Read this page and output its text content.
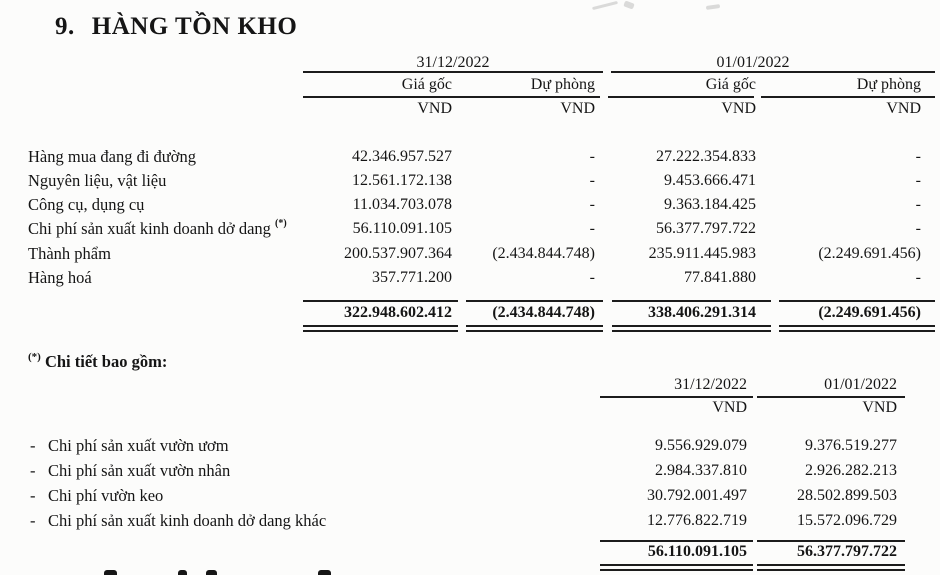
9. HÀNG TỒN KHO
31/12/2022	01/01/2022
Giá gốc	Dự phòng	Giá gốc	Dự phòng
VND	VND	VND	VND
Hàng mua đang đi đường	42.346.957.527	-	27.222.354.833	-
Nguyên liệu, vật liệu	12.561.172.138	-	9.453.666.471	-
Công cụ, dụng cụ	11.034.703.078	-	9.363.184.425	-
Chi phí sản xuất kinh doanh dở dang (*)	56.110.091.105	-	56.377.797.722	-
Thành phẩm	200.537.907.364	(2.434.844.748)	235.911.445.983	(2.249.691.456)
Hàng hoá	357.771.200	-	77.841.880	-
322.948.602.412	(2.434.844.748)	338.406.291.314	(2.249.691.456)
(*) Chi tiết bao gồm:
31/12/2022	01/01/2022
VND	VND
- Chi phí sản xuất vườn ươm	9.556.929.079	9.376.519.277
- Chi phí sản xuất vườn nhân	2.984.337.810	2.926.282.213
- Chi phí vườn keo	30.792.001.497	28.502.899.503
- Chi phí sản xuất kinh doanh dở dang khác	12.776.822.719	15.572.096.729
56.110.091.105	56.377.797.722
